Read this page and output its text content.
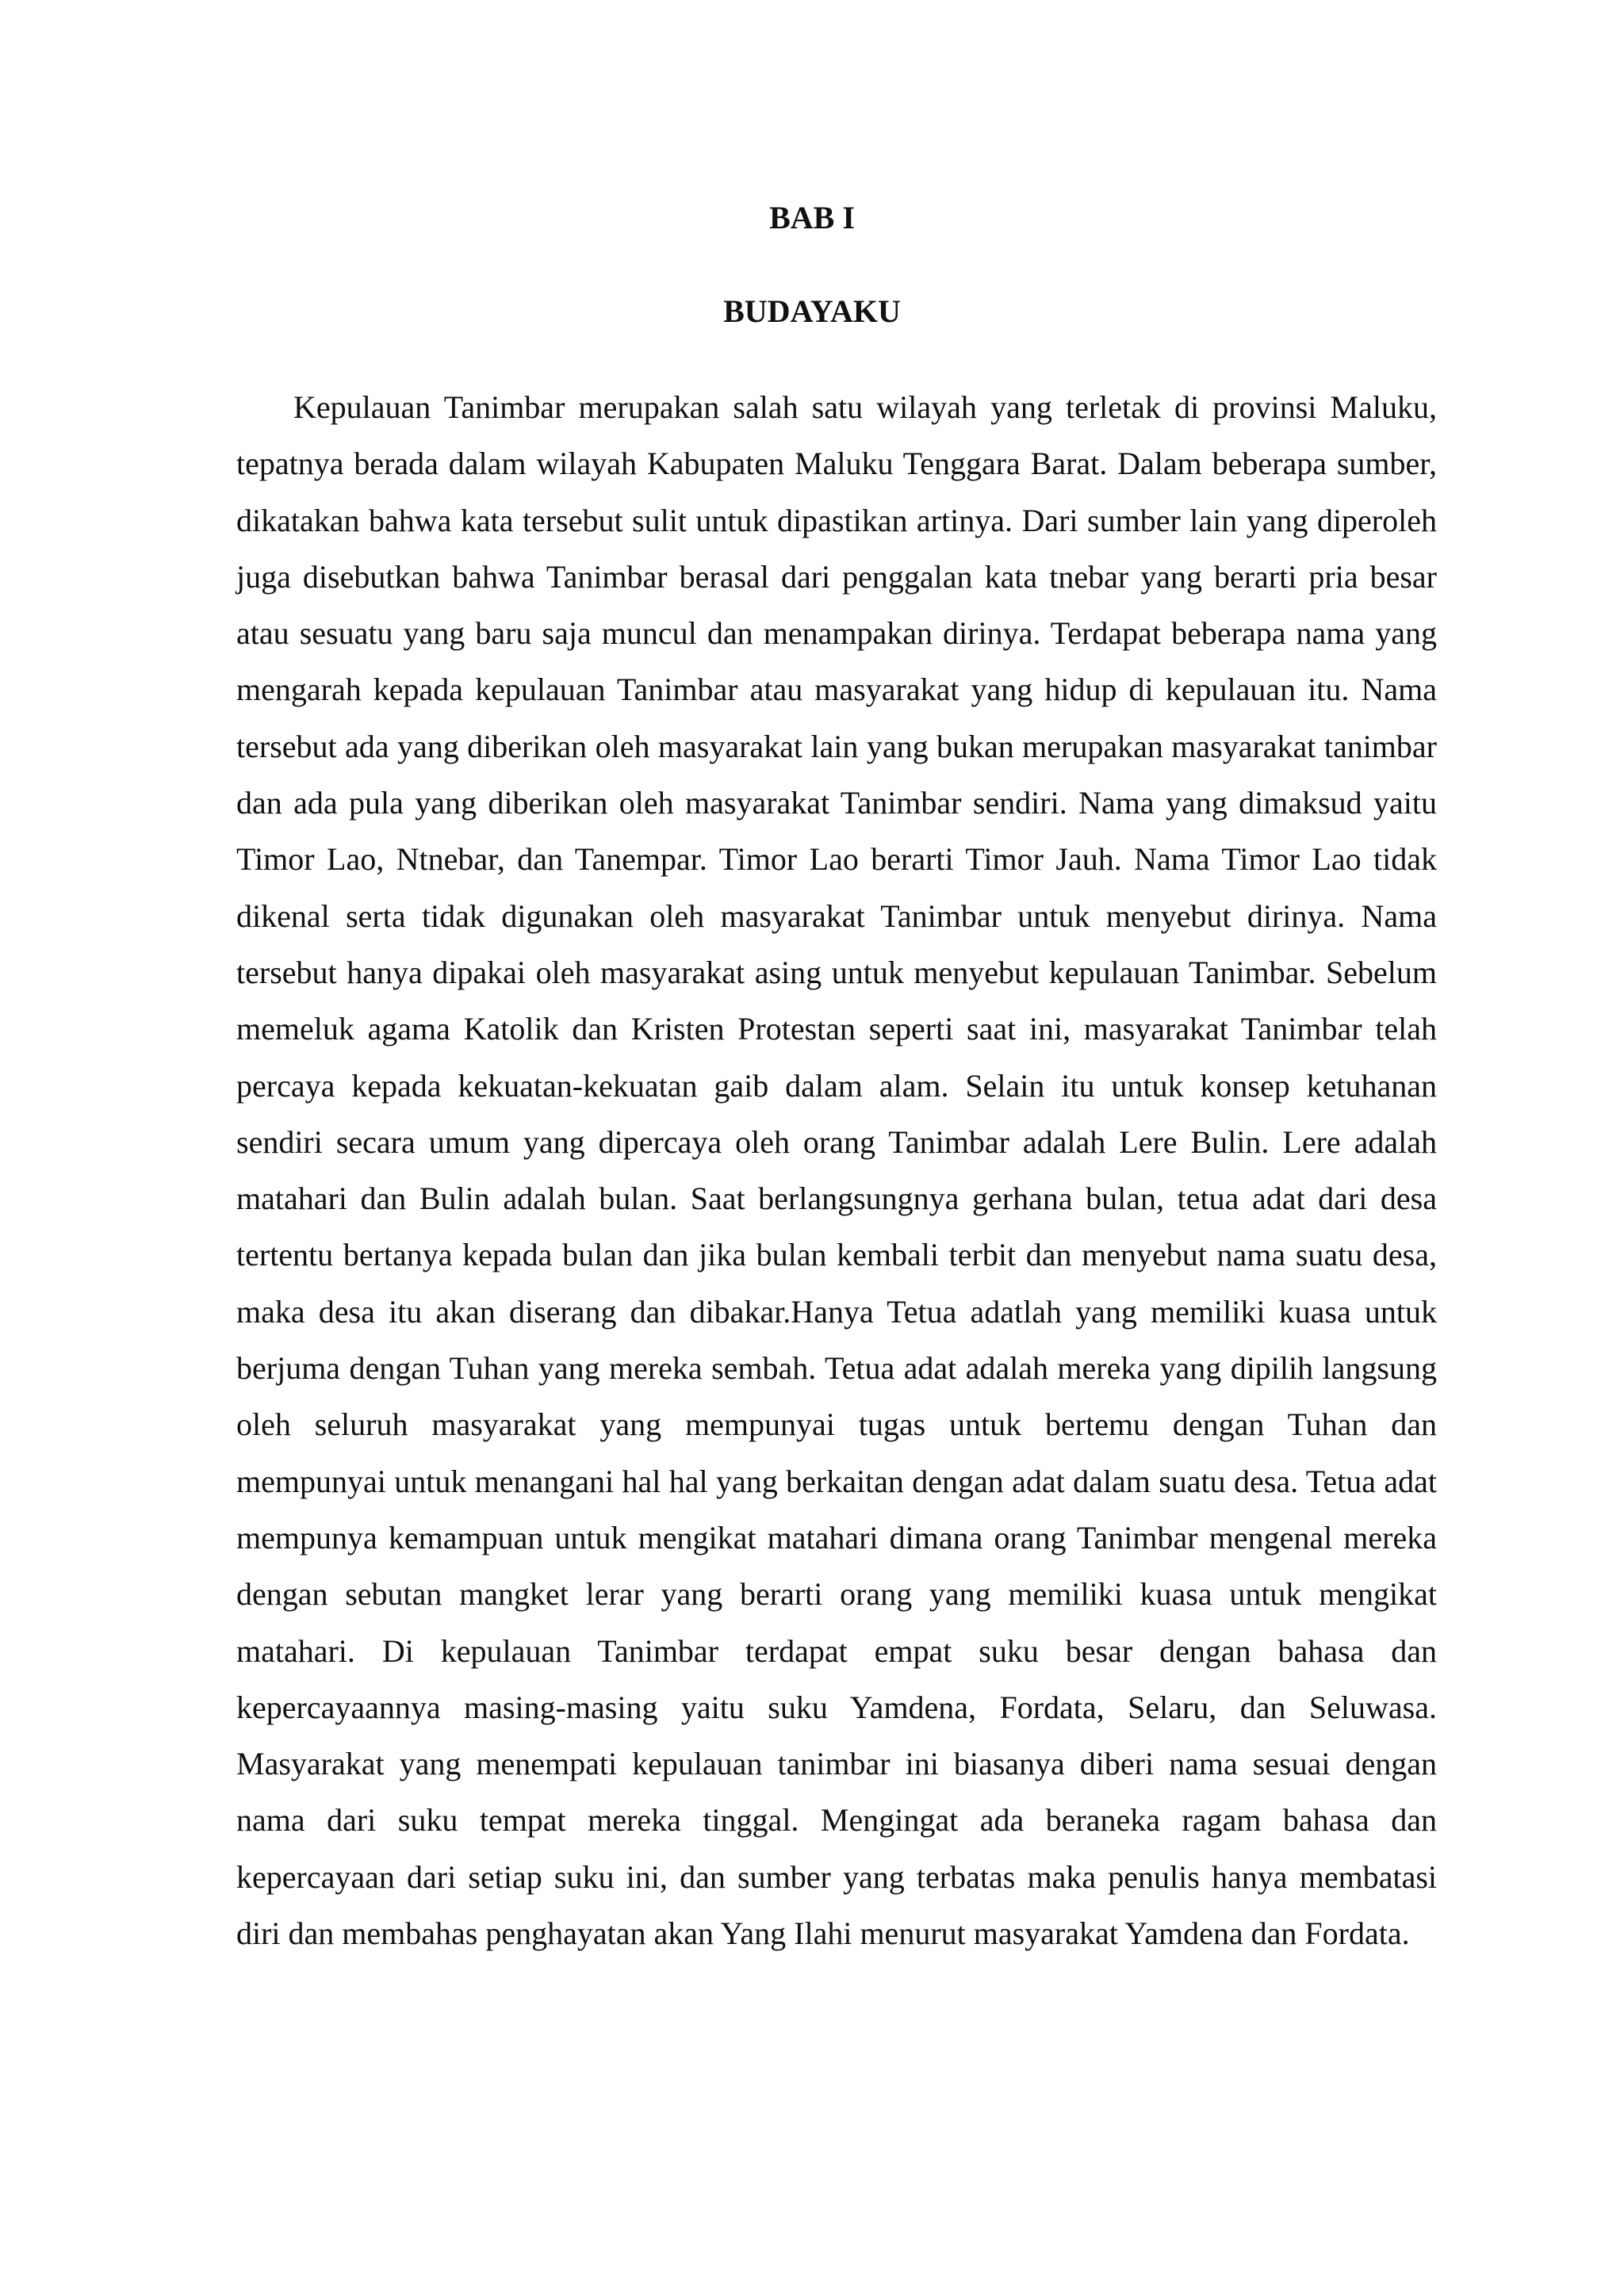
BAB I
BUDAYAKU

Kepulauan Tanimbar merupakan salah satu wilayah yang terletak di provinsi Maluku, tepatnya berada dalam wilayah Kabupaten Maluku Tenggara Barat. Dalam beberapa sumber, dikatakan bahwa kata tersebut sulit untuk dipastikan artinya. Dari sumber lain yang diperoleh juga disebutkan bahwa Tanimbar berasal dari penggalan kata tnebar yang berarti pria besar atau sesuatu yang baru saja muncul dan menampakan dirinya. Terdapat beberapa nama yang mengarah kepada kepulauan Tanimbar atau masyarakat yang hidup di kepulauan itu. Nama tersebut ada yang diberikan oleh masyarakat lain yang bukan merupakan masyarakat tanimbar dan ada pula yang diberikan oleh masyarakat Tanimbar sendiri. Nama yang dimaksud yaitu Timor Lao, Ntnebar, dan Tanempar. Timor Lao berarti Timor Jauh. Nama Timor Lao tidak dikenal serta tidak digunakan oleh masyarakat Tanimbar untuk menyebut dirinya. Nama tersebut hanya dipakai oleh masyarakat asing untuk menyebut kepulauan Tanimbar. Sebelum memeluk agama Katolik dan Kristen Protestan seperti saat ini, masyarakat Tanimbar telah percaya kepada kekuatan-kekuatan gaib dalam alam. Selain itu untuk konsep ketuhanan sendiri secara umum yang dipercaya oleh orang Tanimbar adalah Lere Bulin. Lere adalah matahari dan Bulin adalah bulan. Saat berlangsungnya gerhana bulan, tetua adat dari desa tertentu bertanya kepada bulan dan jika bulan kembali terbit dan menyebut nama suatu desa, maka desa itu akan diserang dan dibakar.Hanya Tetua adatlah yang memiliki kuasa untuk berjuma dengan Tuhan yang mereka sembah. Tetua adat adalah mereka yang dipilih langsung oleh seluruh masyarakat yang mempunyai tugas untuk bertemu dengan Tuhan dan mempunyai untuk menangani hal hal yang berkaitan dengan adat dalam suatu desa. Tetua adat mempunya kemampuan untuk mengikat matahari dimana orang Tanimbar mengenal mereka dengan sebutan mangket lerar yang berarti orang yang memiliki kuasa untuk mengikat matahari. Di kepulauan Tanimbar terdapat empat suku besar dengan bahasa dan kepercayaannya masing-masing yaitu suku Yamdena, Fordata, Selaru, dan Seluwasa. Masyarakat yang menempati kepulauan tanimbar ini biasanya diberi nama sesuai dengan nama dari suku tempat mereka tinggal. Mengingat ada beraneka ragam bahasa dan kepercayaan dari setiap suku ini, dan sumber yang terbatas maka penulis hanya membatasi diri dan membahas penghayatan akan Yang Ilahi menurut masyarakat Yamdena dan Fordata.
